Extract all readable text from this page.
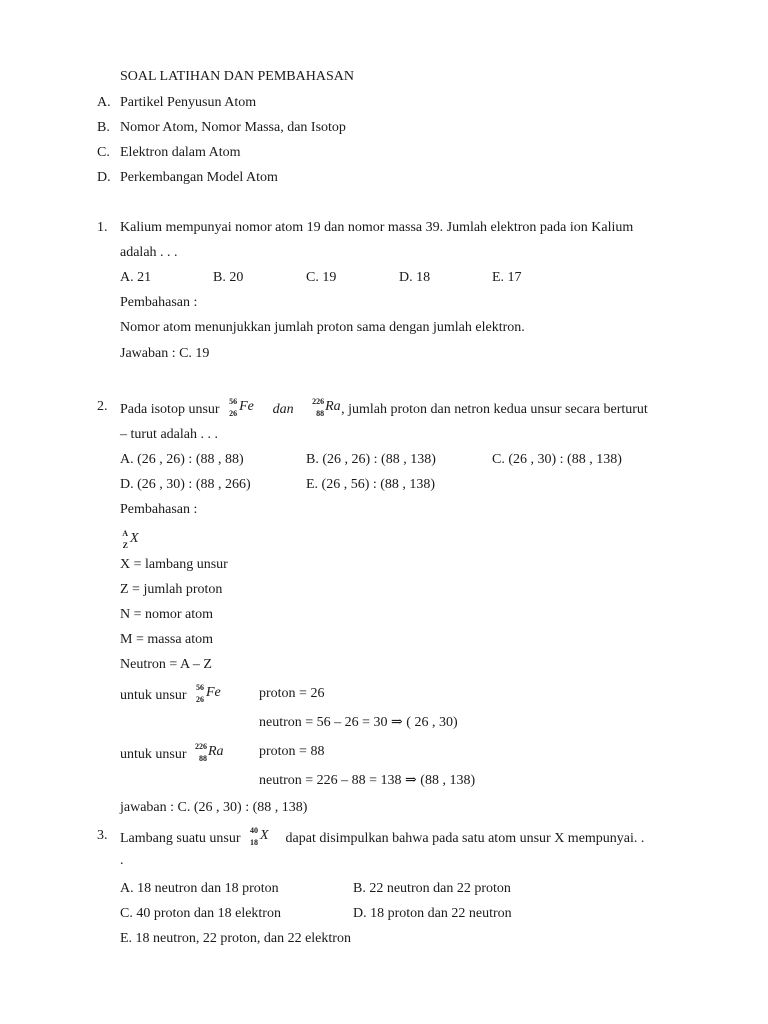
SOAL LATIHAN DAN PEMBAHASAN
A. Partikel Penyusun Atom
B. Nomor Atom, Nomor Massa, dan Isotop
C. Elektron dalam Atom
D. Perkembangan Model Atom
1. Kalium mempunyai nomor atom 19 dan nomor massa 39. Jumlah elektron pada ion Kalium
adalah . . .
A. 21	B. 20	C. 19	D. 18	E. 17
Pembahasan :
Nomor atom menunjukkan jumlah proton sama dengan jumlah elektron.
Jawaban : C. 19
2. Pada isotop unsur
56
26 Fe dan
226
88 Ra , jumlah proton dan netron kedua unsur secara berturut
– turut adalah . . .
A. (26 , 26) : (88 , 88)	B. (26 , 26) : (88 , 138)	C. (26 , 30) : (88 , 138)
D. (26 , 30) : (88 , 266)	E. (26 , 56) : (88 , 138)
Pembahasan :
A
Z X
X = lambang unsur
Z = jumlah proton
N = nomor atom
M = massa atom
Neutron = A – Z
untuk unsur
56
26 Fe	proton = 26
neutron = 56 – 26 = 30 ⇒ ( 26 , 30)
untuk unsur
226
88 Ra	proton = 88
neutron = 226 – 88 = 138 ⇒ (88 , 138)
jawaban : C. (26 , 30) : (88 , 138)
3. Lambang suatu unsur
40
18 X dapat disimpulkan bahwa pada satu atom unsur X mempunyai. .
.
A. 18 neutron dan 18 proton	B. 22 neutron dan 22 proton
C. 40 proton dan 18 elektron	D. 18 proton dan 22 neutron
E. 18 neutron, 22 proton, dan 22 elektron
